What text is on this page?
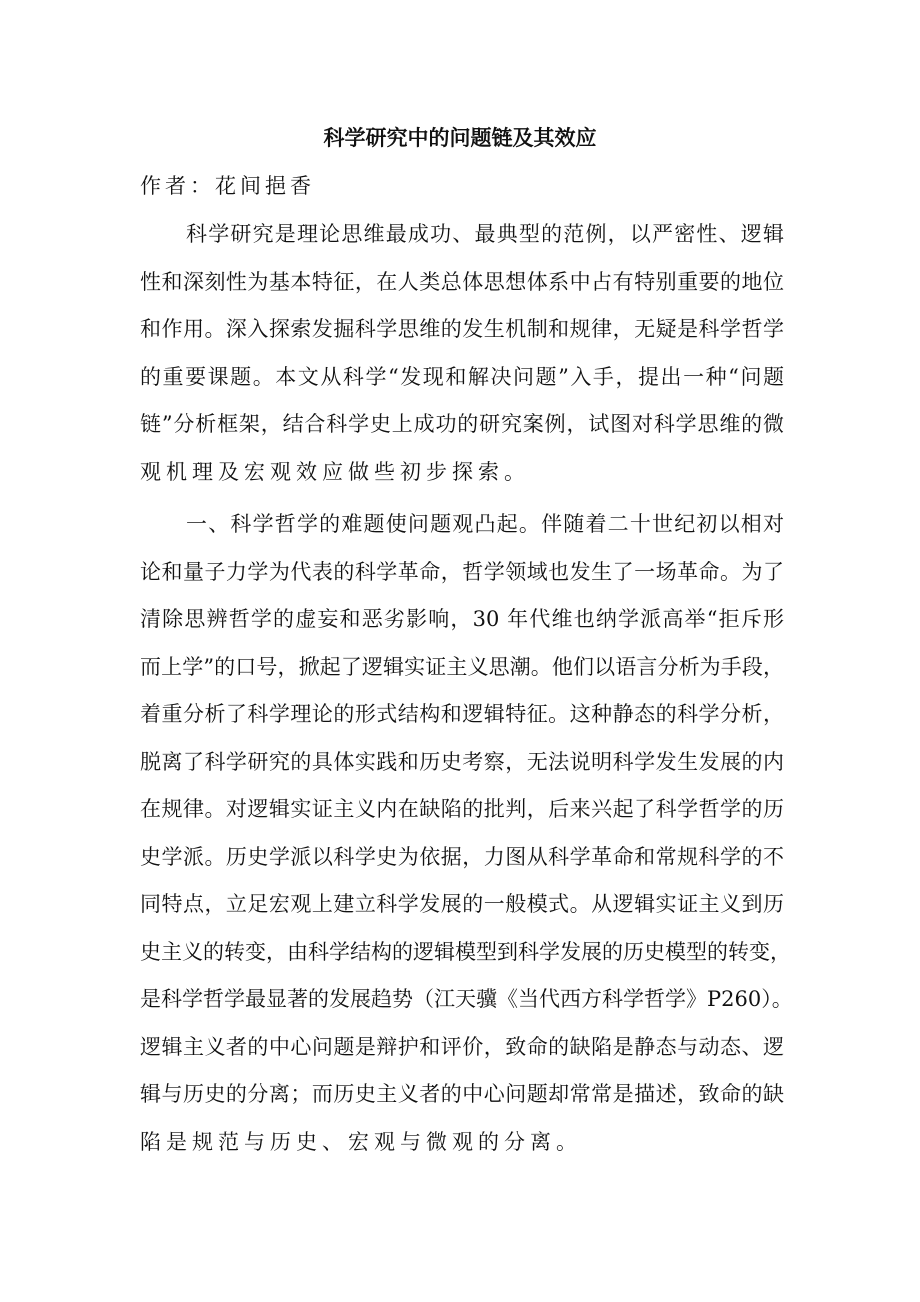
科学研究中的问题链及其效应
作者：花间挹香
科学研究是理论思维最成功、最典型的范例，以严密性、逻辑
性和深刻性为基本特征，在人类总体思想体系中占有特别重要的地位
和作用。深入探索发掘科学思维的发生机制和规律，无疑是科学哲学
的重要课题。本文从科学“发现和解决问题”入手，提出一种“问题
链”分析框架，结合科学史上成功的研究案例，试图对科学思维的微
观机理及宏观效应做些初步探索。
一、科学哲学的难题使问题观凸起。伴随着二十世纪初以相对
论和量子力学为代表的科学革命，哲学领域也发生了一场革命。为了
清除思辨哲学的虚妄和恶劣影响，30 年代维也纳学派高举“拒斥形
而上学”的口号，掀起了逻辑实证主义思潮。他们以语言分析为手段，
着重分析了科学理论的形式结构和逻辑特征。这种静态的科学分析，
脱离了科学研究的具体实践和历史考察，无法说明科学发生发展的内
在规律。对逻辑实证主义内在缺陷的批判，后来兴起了科学哲学的历
史学派。历史学派以科学史为依据，力图从科学革命和常规科学的不
同特点，立足宏观上建立科学发展的一般模式。从逻辑实证主义到历
史主义的转变，由科学结构的逻辑模型到科学发展的历史模型的转变，
是科学哲学最显著的发展趋势（江天骥《当代西方科学哲学》P260）。
逻辑主义者的中心问题是辩护和评价，致命的缺陷是静态与动态、逻
辑与历史的分离；而历史主义者的中心问题却常常是描述，致命的缺
陷是规范与历史、宏观与微观的分离。
